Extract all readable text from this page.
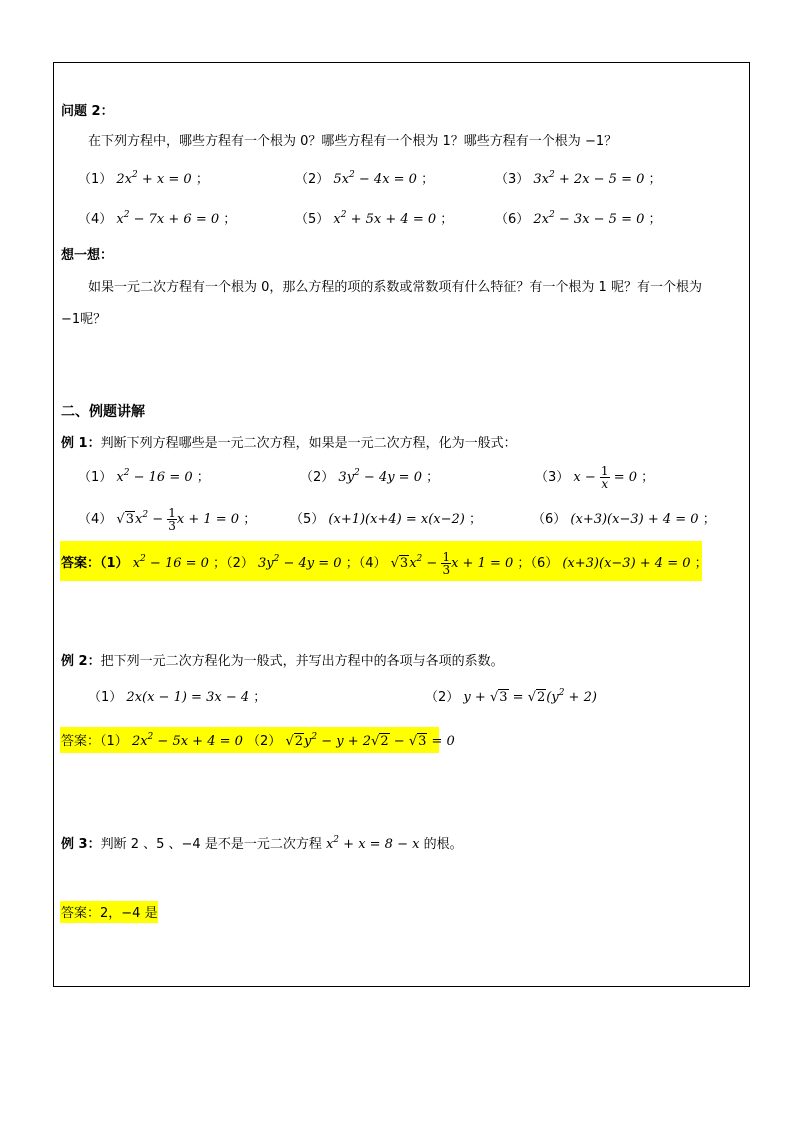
问题 2：
在下列方程中，哪些方程有一个根为 0？哪些方程有一个根为 1？哪些方程有一个根为 −1？
（1） $2x^2 + x = 0$ ；	（2） $5x^2 - 4x = 0$ ；	（3） $3x^2 + 2x - 5 = 0$ ；
（4） $x^2 - 7x + 6 = 0$ ；	（5） $x^2 + 5x + 4 = 0$ ；	（6） $2x^2 - 3x - 5 = 0$ ；
想一想：
如果一元二次方程有一个根为 0，那么方程的项的系数或常数项有什么特征？有一个根为 1 呢？有一个根为
−1呢？
二、例题讲解
例 1：判断下列方程哪些是一元二次方程，如果是一元二次方程，化为一般式：
（1） $x^2 - 16 = 0$ ；	（2） $3y^2 - 4y = 0$ ；	（3） $x - \frac{1}{x} = 0$ ；
（4） $√3x^2 - \frac{1}{3}$ x + 1 = 0 ；	（5） (x+1)(x+4) = x(x−2) ；	（6） (x+3)(x−3) + 4 = 0 ；
答案：（1） $x^2 - 16 = 0$ ；（2） $3y^2 - 4y = 0$ ；（4） $√3x^2 - \frac{1}{3}$ x + 1 = 0 ；（6） (x+3)(x−3) + 4 = 0 ；
例 2：把下列一元二次方程化为一般式，并写出方程中的各项与各项的系数。
（1） 2x(x − 1) = 3x − 4 ；	（2） $y + √3 = √2(y^2 + 2)$
答案：（1） $2x^2 - 5x + 4 = 0$ （2） $√2y^2 - y + 2√2 - √3 = 0$
例 3：判断 2 、5 、−4 是不是一元二次方程 $x^2 + x = 8 - x$ 的根。
答案：2，−4 是
